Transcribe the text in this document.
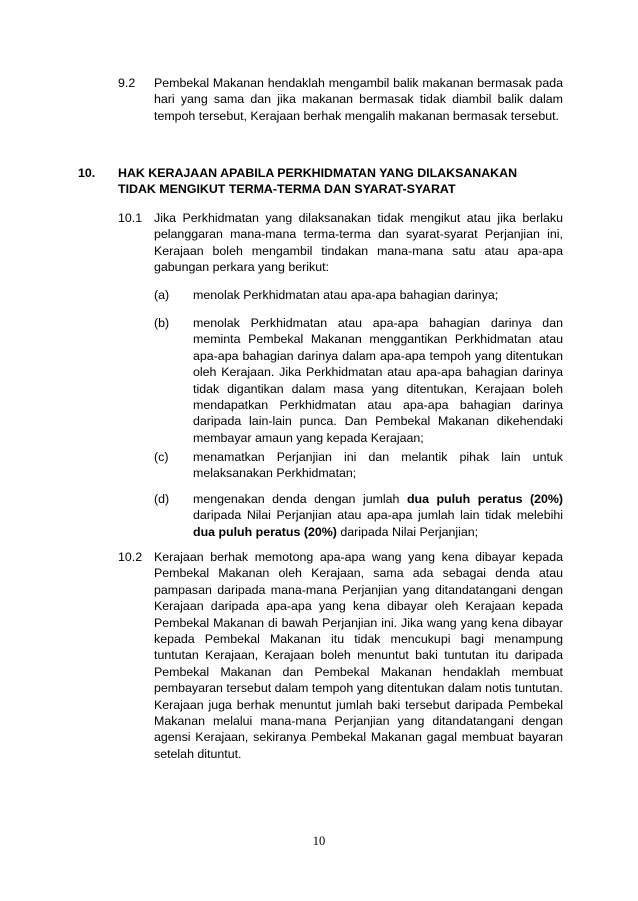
9.2 Pembekal Makanan hendaklah mengambil balik makanan bermasak pada hari yang sama dan jika makanan bermasak tidak diambil balik dalam tempoh tersebut, Kerajaan berhak mengalih makanan bermasak tersebut.
10. HAK KERAJAAN APABILA PERKHIDMATAN YANG DILAKSANAKAN
TIDAK MENGIKUT TERMA-TERMA DAN SYARAT-SYARAT
10.1 Jika Perkhidmatan yang dilaksanakan tidak mengikut atau jika berlaku pelanggaran mana-mana terma-terma dan syarat-syarat Perjanjian ini, Kerajaan boleh mengambil tindakan mana-mana satu atau apa-apa gabungan perkara yang berikut:
(a) menolak Perkhidmatan atau apa-apa bahagian darinya;
(b) menolak Perkhidmatan atau apa-apa bahagian darinya dan meminta Pembekal Makanan menggantikan Perkhidmatan atau apa-apa bahagian darinya dalam apa-apa tempoh yang ditentukan oleh Kerajaan. Jika Perkhidmatan atau apa-apa bahagian darinya tidak digantikan dalam masa yang ditentukan, Kerajaan boleh mendapatkan Perkhidmatan atau apa-apa bahagian darinya daripada lain-lain punca. Dan Pembekal Makanan dikehendaki membayar amaun yang kepada Kerajaan;
(c) menamatkan Perjanjian ini dan melantik pihak lain untuk melaksanakan Perkhidmatan;
(d) mengenakan denda dengan jumlah dua puluh peratus (20%) daripada Nilai Perjanjian atau apa-apa jumlah lain tidak melebihi dua puluh peratus (20%) daripada Nilai Perjanjian;
10.2 Kerajaan berhak memotong apa-apa wang yang kena dibayar kepada Pembekal Makanan oleh Kerajaan, sama ada sebagai denda atau pampasan daripada mana-mana Perjanjian yang ditandatangani dengan Kerajaan daripada apa-apa yang kena dibayar oleh Kerajaan kepada Pembekal Makanan di bawah Perjanjian ini. Jika wang yang kena dibayar kepada Pembekal Makanan itu tidak mencukupi bagi menampung tuntutan Kerajaan, Kerajaan boleh menuntut baki tuntutan itu daripada Pembekal Makanan dan Pembekal Makanan hendaklah membuat pembayaran tersebut dalam tempoh yang ditentukan dalam notis tuntutan. Kerajaan juga berhak menuntut jumlah baki tersebut daripada Pembekal Makanan melalui mana-mana Perjanjian yang ditandatangani dengan agensi Kerajaan, sekiranya Pembekal Makanan gagal membuat bayaran setelah dituntut.
10
